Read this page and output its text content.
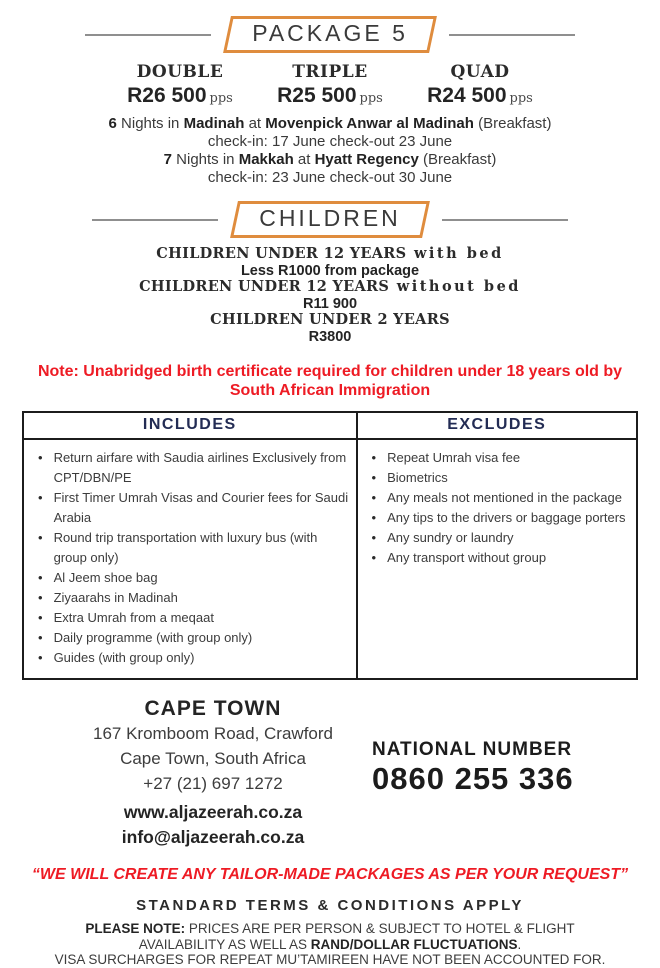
PACKAGE 5
DOUBLE
R26 500 pps
TRIPLE
R25 500 pps
QUAD
R24 500 pps
6 Nights in Madinah at Movenpick Anwar al Madinah (Breakfast)
check-in: 17 June check-out 23 June
7 Nights in Makkah at Hyatt Regency (Breakfast)
check-in: 23 June check-out 30 June
CHILDREN
CHILDREN UNDER 12 YEARS with bed
Less R1000 from package
CHILDREN UNDER 12 YEARS without bed
R11 900
CHILDREN UNDER 2 YEARS
R3800
Note: Unabridged birth certificate required for children under 18 years old by South African Immigration
INCLUDES	EXCLUDES
• Return airfare with Saudia airlines Exclusively from CPT/DBN/PE
• First Timer Umrah Visas and Courier fees for Saudi Arabia
• Round trip transportation with luxury bus (with group only)
• Al Jeem shoe bag
• Ziyaarahs in Madinah
• Extra Umrah from a meqaat
• Daily programme (with group only)
• Guides (with group only)
• Repeat Umrah visa fee
• Biometrics
• Any meals not mentioned in the package
• Any tips to the drivers or baggage porters
• Any sundry or laundry
• Any transport without group
CAPE TOWN
167 Kromboom Road, Crawford
Cape Town, South Africa
+27 (21) 697 1272
www.aljazeerah.co.za
info@aljazeerah.co.za
NATIONAL NUMBER
0860 255 336
“WE WILL CREATE ANY TAILOR-MADE PACKAGES AS PER YOUR REQUEST”
STANDARD TERMS & CONDITIONS APPLY
PLEASE NOTE: PRICES ARE PER PERSON & SUBJECT TO HOTEL & FLIGHT
AVAILABILITY AS WELL AS RAND/DOLLAR FLUCTUATIONS.
VISA SURCHARGES FOR REPEAT MU’TAMIREEN HAVE NOT BEEN ACCOUNTED FOR.
